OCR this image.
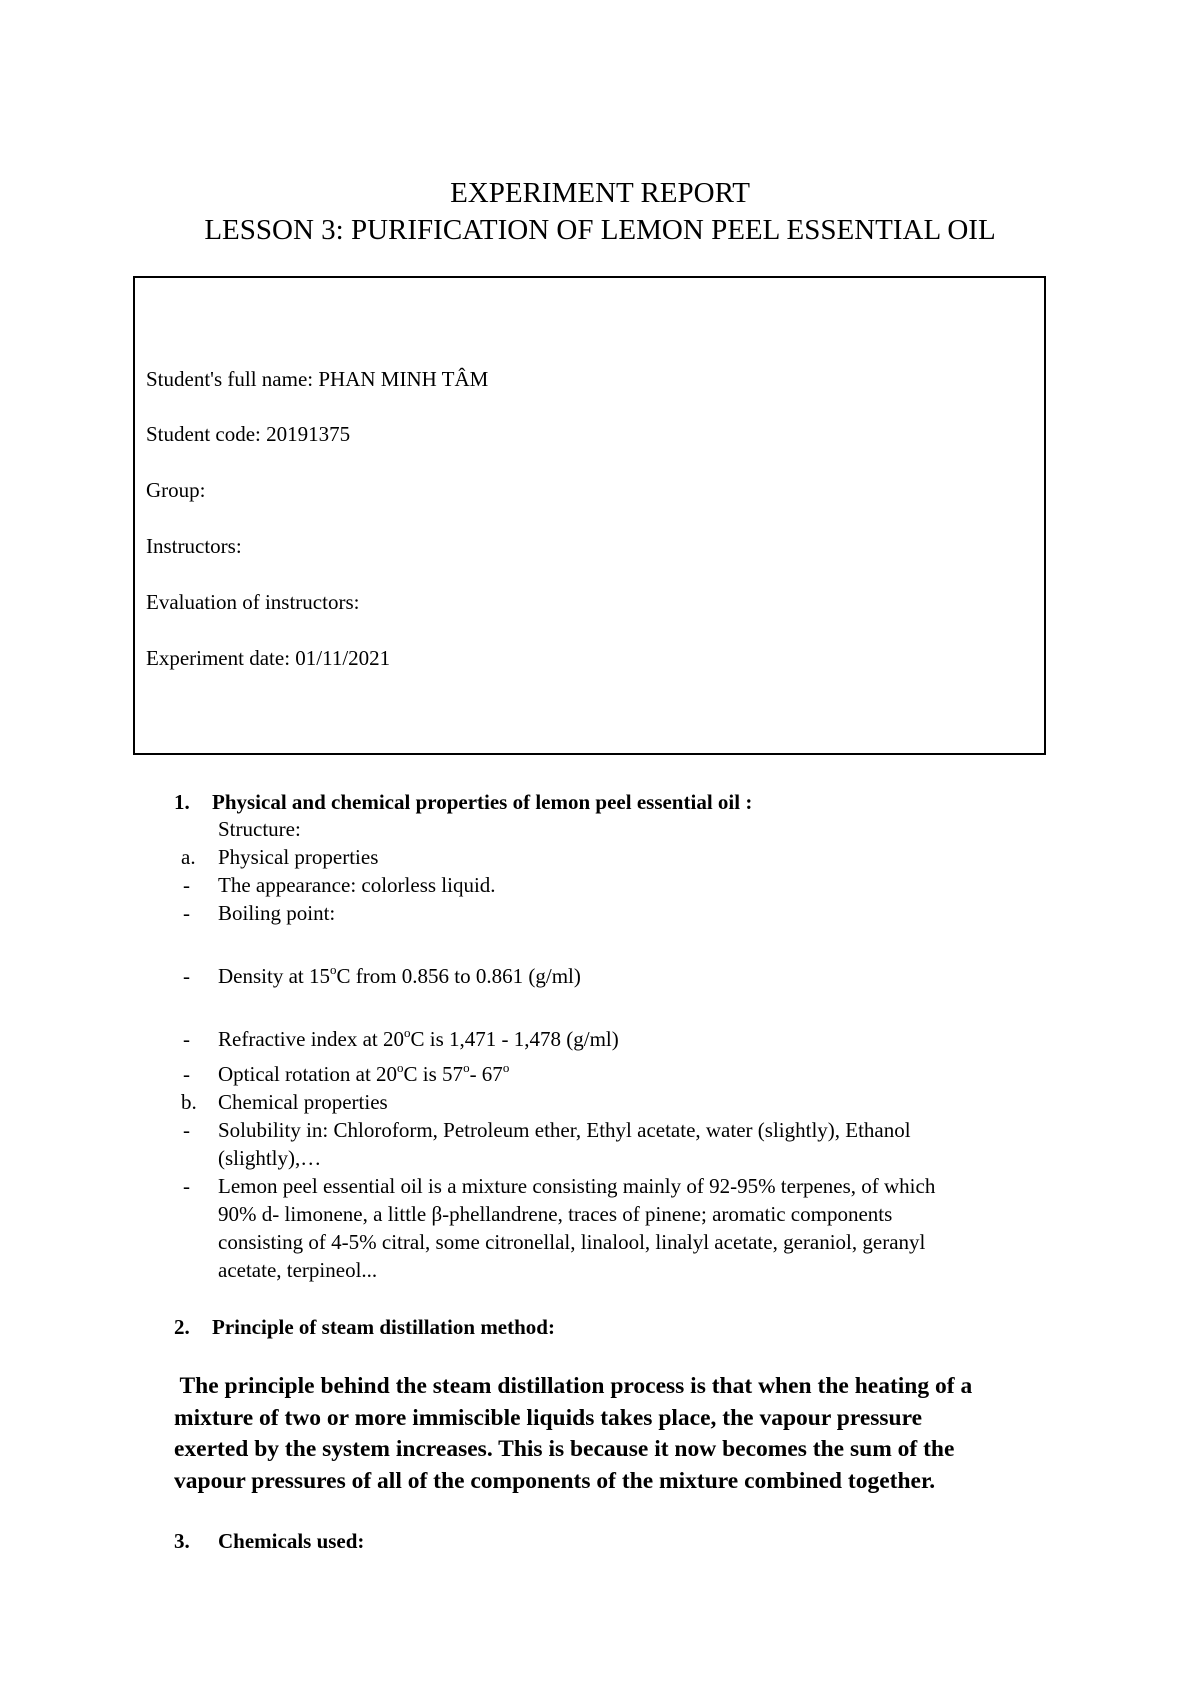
EXPERIMENT REPORT
LESSON 3: PURIFICATION OF LEMON PEEL ESSENTIAL OIL
Student's full name: PHAN MINH TÂM
Student code: 20191375
Group:
Instructors:
Evaluation of instructors:
Experiment date: 01/11/2021
1. Physical and chemical properties of lemon peel essential oil :
Structure:
a. Physical properties
- The appearance: colorless liquid.
- Boiling point:
- Density at 15$^o$C from 0.856 to 0.861 (g/ml)
- Refractive index at 20$^o$C is 1,471 - 1,478 (g/ml)
- Optical rotation at 20$^o$C is 57$^o$- 67$^o$
b. Chemical properties
- Solubility in: Chloroform, Petroleum ether, Ethyl acetate, water (slightly), Ethanol
(slightly),…
- Lemon peel essential oil is a mixture consisting mainly of 92-95% terpenes, of which
90% d- limonene, a little β-phellandrene, traces of pinene; aromatic components
consisting of 4-5% citral, some citronellal, linalool, linalyl acetate, geraniol, geranyl
acetate, terpineol...
2. Principle of steam distillation method:
The principle behind the steam distillation process is that when the heating of a
mixture of two or more immiscible liquids takes place, the vapour pressure
exerted by the system increases. This is because it now becomes the sum of the
vapour pressures of all of the components of the mixture combined together.
3. Chemicals used:
